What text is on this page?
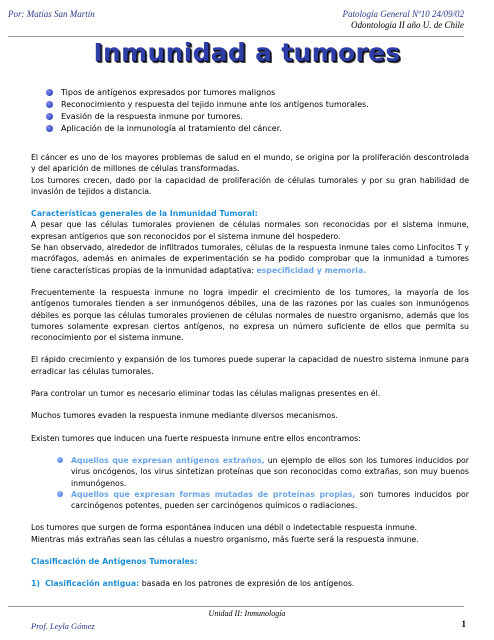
Por: Matías San Martín	Patología General Nº10 24/09/02
Odontología II año U. de Chile
Inmunidad a tumores
Tipos de antígenos expresados por tumores malignos
Reconocimiento y respuesta del tejido inmune ante los antígenos tumorales.
Evasión de la respuesta inmune por tumores.
Aplicación de la inmunología al tratamiento del cáncer.

El cáncer es uno de los mayores problemas de salud en el mundo, se origina por la proliferación descontrolada y del aparición de millones de células transformadas.

Los tumores crecen, dado por la capacidad de proliferación de células tumorales y por su gran habilidad de invasión de tejidos a distancia.

Características generales de la Inmunidad Tumoral:

A pesar que las células tumorales provienen de células normales son reconocidas por el sistema inmune, expresan antígenos que son reconocidos por el sistema inmune del hospedero.

Se han observado, alrededor de infiltrados tumorales, células de la respuesta inmune tales como Linfocitos T y macrófagos, además en animales de experimentación se ha podido comprobar que la inmunidad a tumores tiene características propias de la inmunidad adaptativa: especificidad y memoria.

Frecuentemente la respuesta inmune no logra impedir el crecimiento de los tumores, la mayoría de los antígenos tumorales tienden a ser inmunógenos débiles, una de las razones por las cuales son inmunógenos débiles es porque las células tumorales provienen de células normales de nuestro organismo, además que los tumores solamente expresan ciertos antígenos, no expresa un número suficiente de ellos que permita su reconocimiento por el sistema inmune.

El rápido crecimiento y expansión de los tumores puede superar la capacidad de nuestro sistema inmune para erradicar las células tumorales.

Para controlar un tumor es necesario eliminar todas las células malignas presentes en él.

Muchos tumores evaden la respuesta inmune mediante diversos mecanismos.

Existen tumores que inducen una fuerte respuesta inmune entre ellos encontramos:

Aquellos que expresan antígenos extraños, un ejemplo de ellos son los tumores inducidos por virus oncógenos, los virus sintetizan proteínas que son reconocidas como extrañas, son muy buenos inmunógenos.

Aquellos que expresan formas mutadas de proteínas propias, son tumores inducidos por carcinógenos potentes, pueden ser carcinógenos químicos o radiaciones.

Los tumores que surgen de forma espontánea inducen una débil o indetectable respuesta inmune.

Mientras más extrañas sean las células a nuestro organismo, más fuerte será la respuesta inmune.

Clasificación de Antígenos Tumorales:

1) Clasificación antigua: basada en los patrones de expresión de los antígenos.

Unidad II: Inmunología
Prof. Leyla Gómez	1
